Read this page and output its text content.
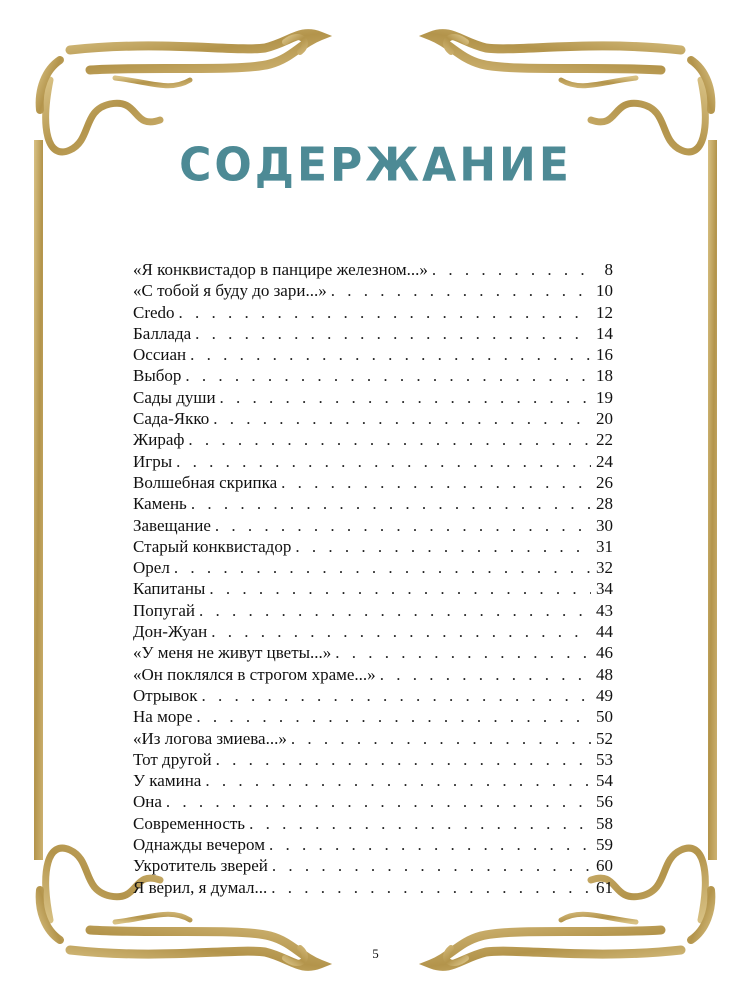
СОДЕРЖАНИЕ
«Я конквистадор в панцире железном...» . . .	8
«С тобой я буду до зари...» . . .	10
Credo . . .	12
Баллада . . .	14
Оссиан . . .	16
Выбор . . .	18
Сады души . . .	19
Сада-Якко . . .	20
Жираф . . .	22
Игры . . .	24
Волшебная скрипка . . .	26
Камень . . .	28
Завещание . . .	30
Старый конквистадор . . .	31
Орел . . .	32
Капитаны . . .	34
Попугай . . .	43
Дон-Жуан . . .	44
«У меня не живут цветы...» . . .	46
«Он поклялся в строгом храме...» . . .	48
Отрывок . . .	49
На море . . .	50
«Из логова змиева...» . . .	52
Тот другой . . .	53
У камина . . .	54
Она . . .	56
Современность . . .	58
Однажды вечером . . .	59
Укротитель зверей . . .	60
Я верил, я думал... . . .	61
5
